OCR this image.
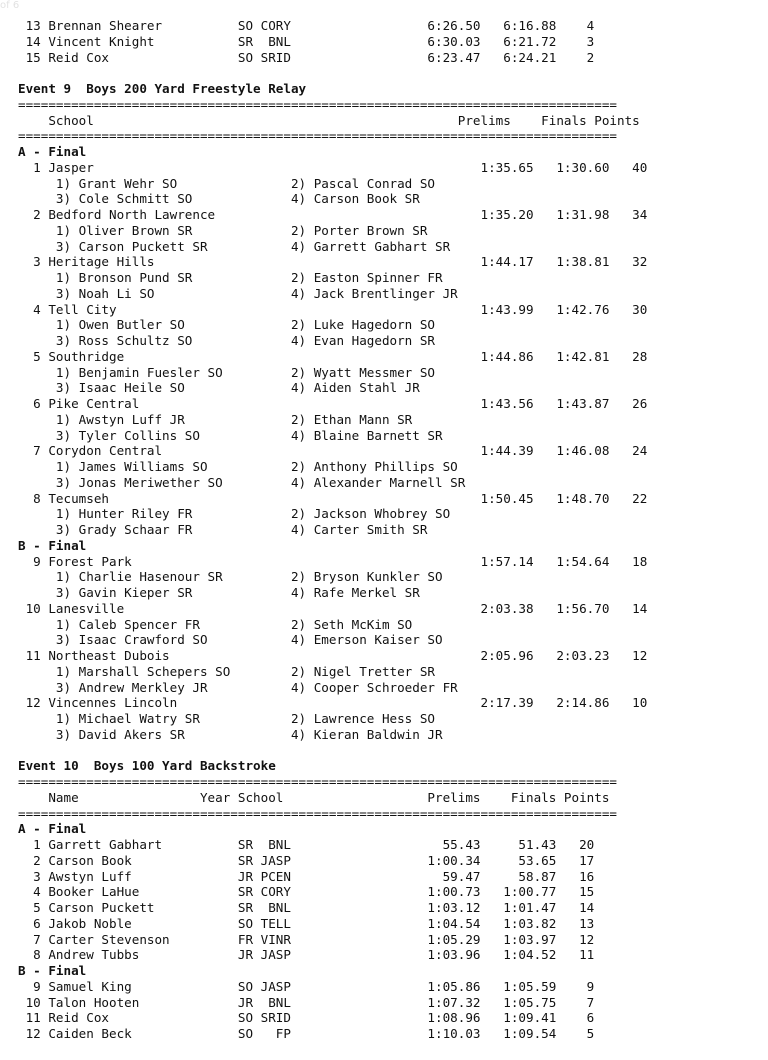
of 6
13 Brennan Shearer          SO CORY                  6:26.50   6:16.88    4
14 Vincent Knight           SR  BNL                  6:30.03   6:21.72    3
15 Reid Cox                 SO SRID                  6:23.47   6:24.21    2
Event 9  Boys 200 Yard Freestyle Relay
===============================================================================
School                                                Prelims    Finals Points
===============================================================================
A - Final
1 Jasper                                                   1:35.65   1:30.60   40
1) Grant Wehr SO               2) Pascal Conrad SO
3) Cole Schmitt SO             4) Carson Book SR
2 Bedford North Lawrence                                   1:35.20   1:31.98   34
1) Oliver Brown SR             2) Porter Brown SR
3) Carson Puckett SR           4) Garrett Gabhart SR
3 Heritage Hills                                           1:44.17   1:38.81   32
1) Bronson Pund SR             2) Easton Spinner FR
3) Noah Li SO                  4) Jack Brentlinger JR
4 Tell City                                                1:43.99   1:42.76   30
1) Owen Butler SO              2) Luke Hagedorn SO
3) Ross Schultz SO             4) Evan Hagedorn SR
5 Southridge                                               1:44.86   1:42.81   28
1) Benjamin Fuesler SO         2) Wyatt Messmer SO
3) Isaac Heile SO              4) Aiden Stahl JR
6 Pike Central                                             1:43.56   1:43.87   26
1) Awstyn Luff JR              2) Ethan Mann SR
3) Tyler Collins SO            4) Blaine Barnett SR
7 Corydon Central                                          1:44.39   1:46.08   24
1) James Williams SO           2) Anthony Phillips SO
3) Jonas Meriwether SO         4) Alexander Marnell SR
8 Tecumseh                                                 1:50.45   1:48.70   22
1) Hunter Riley FR             2) Jackson Whobrey SO
3) Grady Schaar FR             4) Carter Smith SR
B - Final
9 Forest Park                                              1:57.14   1:54.64   18
1) Charlie Hasenour SR         2) Bryson Kunkler SO
3) Gavin Kieper SR             4) Rafe Merkel SR
10 Lanesville                                               2:03.38   1:56.70   14
1) Caleb Spencer FR            2) Seth McKim SO
3) Isaac Crawford SO           4) Emerson Kaiser SO
11 Northeast Dubois                                         2:05.96   2:03.23   12
1) Marshall Schepers SO        2) Nigel Tretter SR
3) Andrew Merkley JR           4) Cooper Schroeder FR
12 Vincennes Lincoln                                        2:17.39   2:14.86   10
1) Michael Watry SR            2) Lawrence Hess SO
3) David Akers SR              4) Kieran Baldwin JR
Event 10  Boys 100 Yard Backstroke
===============================================================================
Name                Year School                   Prelims    Finals Points
===============================================================================
A - Final
1 Garrett Gabhart          SR  BNL                    55.43     51.43   20
2 Carson Book              SR JASP                  1:00.34     53.65   17
3 Awstyn Luff              JR PCEN                    59.47     58.87   16
4 Booker LaHue             SR CORY                  1:00.73   1:00.77   15
5 Carson Puckett           SR  BNL                  1:03.12   1:01.47   14
6 Jakob Noble              SO TELL                  1:04.54   1:03.82   13
7 Carter Stevenson         FR VINR                  1:05.29   1:03.97   12
8 Andrew Tubbs             JR JASP                  1:03.96   1:04.52   11
B - Final
9 Samuel King              SO JASP                  1:05.86   1:05.59    9
10 Talon Hooten             JR  BNL                  1:07.32   1:05.75    7
11 Reid Cox                 SO SRID                  1:08.96   1:09.41    6
12 Caiden Beck              SO   FP                  1:10.03   1:09.54    5
